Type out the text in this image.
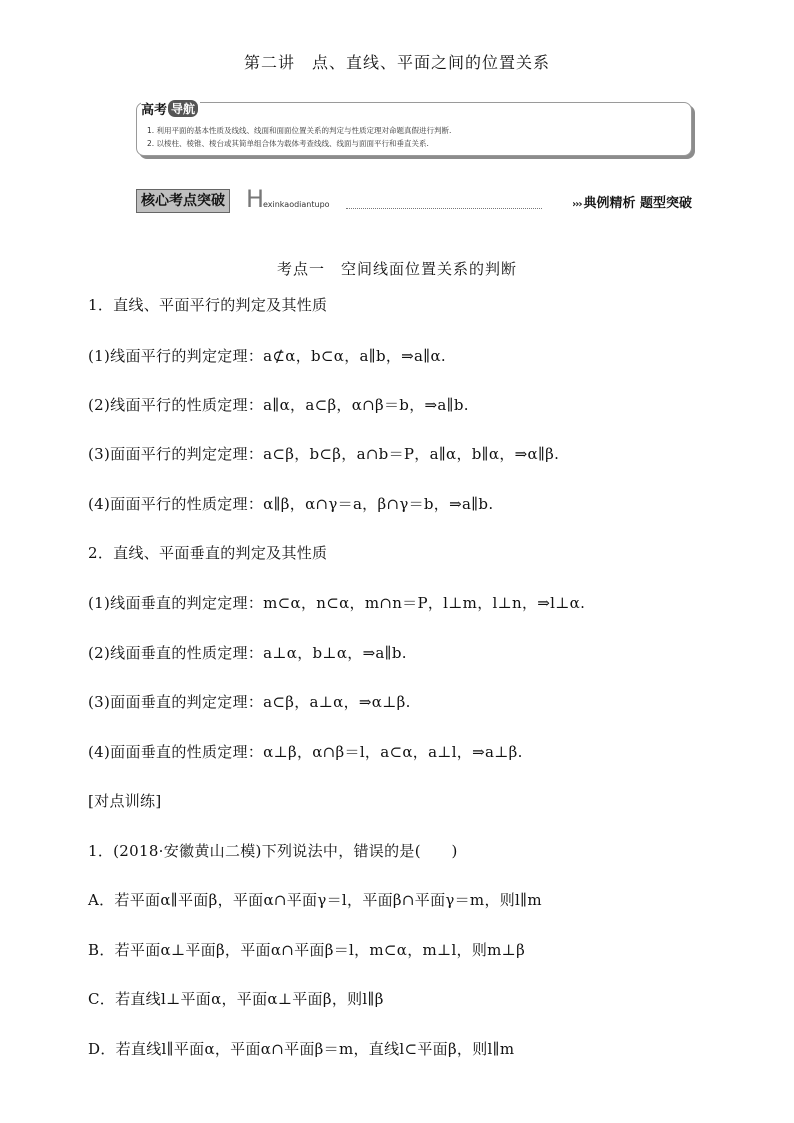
第二讲　点、直线、平面之间的位置关系
高考 导航
1. 利用平面的基本性质及线线、线面和面面位置关系的判定与性质定理对命题真假进行判断.
2. 以棱柱、棱锥、棱台或其简单组合体为载体考查线线、线面与面面平行和垂直关系.
核心考点突破 H
exinkaodiantupo	››› 典例精析 题型突破
考点一　空间线面位置关系的判断
1．直线、平面平行的判定及其性质
(1)线面平行的判定定理：a⊄α，b⊂α，a∥b，⇒a∥α.
(2)线面平行的性质定理：a∥α，a⊂β，α∩β＝b，⇒a∥b.
(3)面面平行的判定定理：a⊂β，b⊂β，a∩b＝P，a∥α，b∥α，⇒α∥β.
(4)面面平行的性质定理：α∥β，α∩γ＝a，β∩γ＝b，⇒a∥b.
2．直线、平面垂直的判定及其性质
(1)线面垂直的判定定理：m⊂α，n⊂α，m∩n＝P，l⊥m，l⊥n，⇒l⊥α.
(2)线面垂直的性质定理：a⊥α，b⊥α，⇒a∥b.
(3)面面垂直的判定定理：a⊂β，a⊥α，⇒α⊥β.
(4)面面垂直的性质定理：α⊥β，α∩β＝l，a⊂α，a⊥l，⇒a⊥β.
[对点训练]
1．(2018·安徽黄山二模)下列说法中，错误的是(　　)
A．若平面α∥平面β，平面α∩平面γ＝l，平面β∩平面γ＝m，则l∥m
B．若平面α⊥平面β，平面α∩平面β＝l，m⊂α，m⊥l，则m⊥β
C．若直线l⊥平面α，平面α⊥平面β，则l∥β
D．若直线l∥平面α，平面α∩平面β＝m，直线l⊂平面β，则l∥m
